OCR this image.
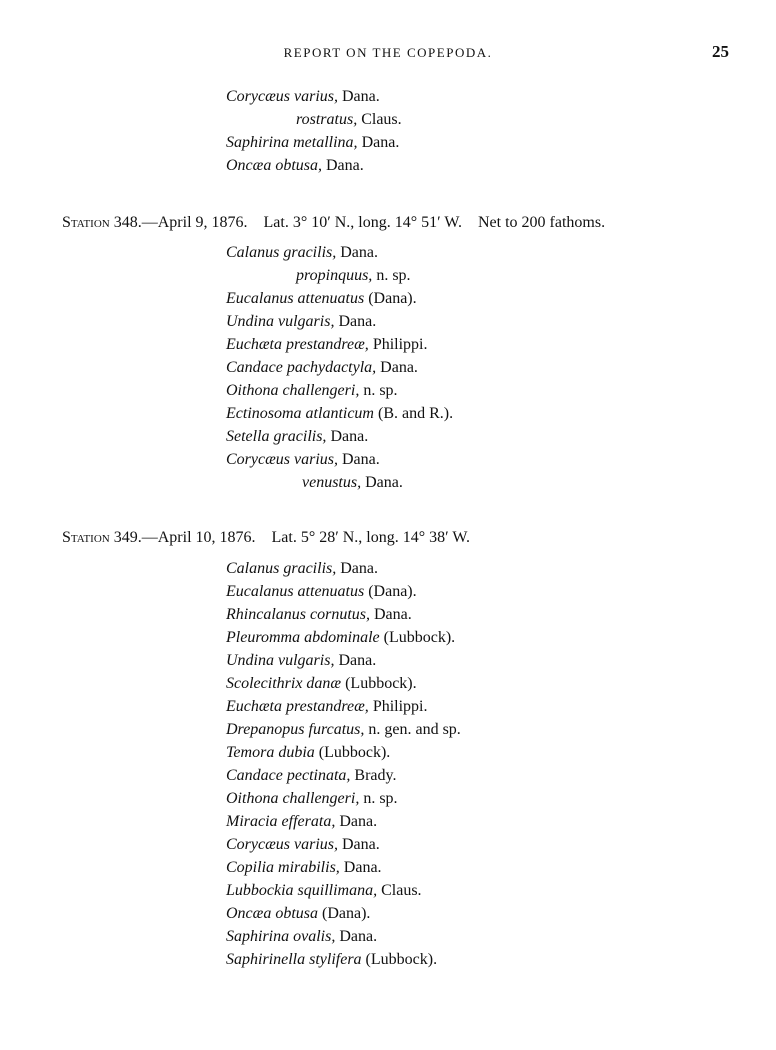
REPORT ON THE COPEPODA.	25
Corycæus varius, Dana.
rostratus, Claus.
Saphirina metallina, Dana.
Oncæa obtusa, Dana.
Station 348.—April 9, 1876. Lat. 3° 10′ N., long. 14° 51′ W. Net to 200 fathoms.
Calanus gracilis, Dana.
propinquus, n. sp.
Eucalanus attenuatus (Dana).
Undina vulgaris, Dana.
Euchæta prestandreæ, Philippi.
Candace pachydactyla, Dana.
Oithona challengeri, n. sp.
Ectinosoma atlanticum (B. and R.).
Setella gracilis, Dana.
Corycæus varius, Dana.
venustus, Dana.
Station 349.—April 10, 1876. Lat. 5° 28′ N., long. 14° 38′ W.
Calanus gracilis, Dana.
Eucalanus attenuatus (Dana).
Rhincalanus cornutus, Dana.
Pleuromma abdominale (Lubbock).
Undina vulgaris, Dana.
Scolecithrix danæ (Lubbock).
Euchæta prestandreæ, Philippi.
Drepanopus furcatus, n. gen. and sp.
Temora dubia (Lubbock).
Candace pectinata, Brady.
Oithona challengeri, n. sp.
Miracia efferata, Dana.
Corycæus varius, Dana.
Copilia mirabilis, Dana.
Lubbockia squillimana, Claus.
Oncæa obtusa (Dana).
Saphirina ovalis, Dana.
Saphirinella stylifera (Lubbock).
